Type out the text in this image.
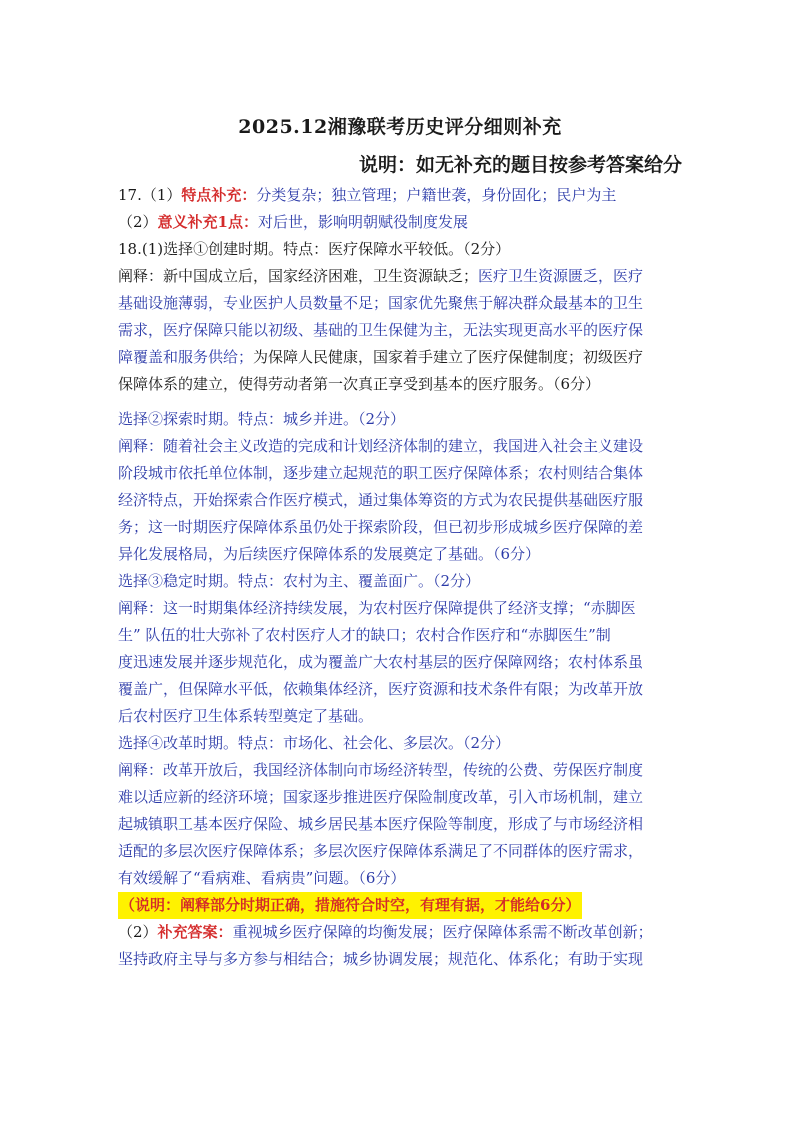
2025.12湘豫联考历史评分细则补充
说明：如无补充的题目按参考答案给分
17.（1）特点补充：分类复杂；独立管理；户籍世袭，身份固化；民户为主
（2）意义补充1点：对后世，影响明朝赋役制度发展
18.(1)选择①创建时期。特点：医疗保障水平较低。（2分）
阐释：新中国成立后，国家经济困难，卫生资源缺乏；医疗卫生资源匮乏，医疗
基础设施薄弱，专业医护人员数量不足；国家优先聚焦于解决群众最基本的卫生
需求，医疗保障只能以初级、基础的卫生保健为主，无法实现更高水平的医疗保
障覆盖和服务供给；为保障人民健康，国家着手建立了医疗保健制度；初级医疗
保障体系的建立，使得劳动者第一次真正享受到基本的医疗服务。（6分）
选择②探索时期。特点：城乡并进。（2分）
阐释：随着社会主义改造的完成和计划经济体制的建立，我国进入社会主义建设
阶段城市依托单位体制，逐步建立起规范的职工医疗保障体系；农村则结合集体
经济特点，开始探索合作医疗模式，通过集体筹资的方式为农民提供基础医疗服
务；这一时期医疗保障体系虽仍处于探索阶段，但已初步形成城乡医疗保障的差
异化发展格局，为后续医疗保障体系的发展奠定了基础。（6分）
选择③稳定时期。特点：农村为主、覆盖面广。（2分）
阐释：这一时期集体经济持续发展，为农村医疗保障提供了经济支撑；“赤脚医
生” 队伍的壮大弥补了农村医疗人才的缺口；农村合作医疗和“赤脚医生”制
度迅速发展并逐步规范化，成为覆盖广大农村基层的医疗保障网络；农村体系虽
覆盖广，但保障水平低，依赖集体经济，医疗资源和技术条件有限；为改革开放
后农村医疗卫生体系转型奠定了基础。
选择④改革时期。特点：市场化、社会化、多层次。（2分）
阐释：改革开放后，我国经济体制向市场经济转型，传统的公费、劳保医疗制度
难以适应新的经济环境；国家逐步推进医疗保险制度改革，引入市场机制，建立
起城镇职工基本医疗保险、城乡居民基本医疗保险等制度，形成了与市场经济相
适配的多层次医疗保障体系；多层次医疗保障体系满足了不同群体的医疗需求，
有效缓解了“看病难、看病贵”问题。（6分）
（说明：阐释部分时期正确，措施符合时空，有理有据，才能给6分）
（2）补充答案：重视城乡医疗保障的均衡发展；医疗保障体系需不断改革创新；
坚持政府主导与多方参与相结合；城乡协调发展；规范化、体系化；有助于实现
